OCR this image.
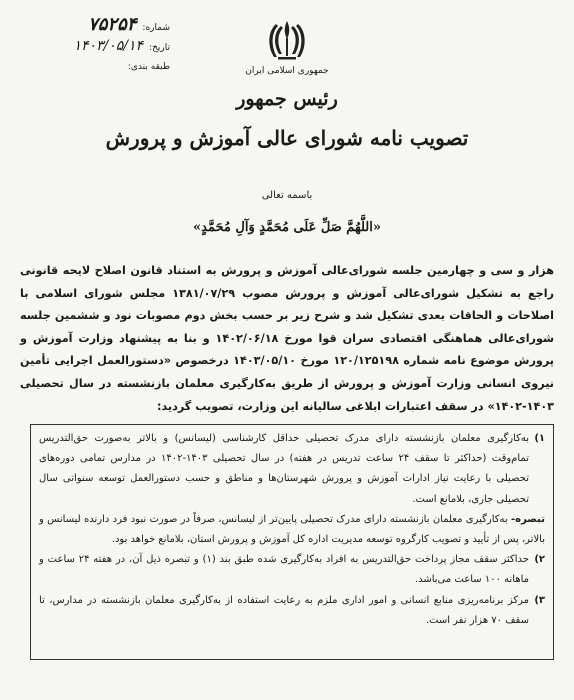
شماره:
۷۵۲۵۴
تاریخ:
۱۴۰۳/۰۵/۱۴
طبقه بندی:	جمهوری اسلامی ایران
رئیس جمهور
تصویب نامه شورای عالی آموزش و پرورش
باسمه تعالی
«اللَّهُمَّ صَلِّ عَلَى مُحَمَّدٍ وَآلِ مُحَمَّدٍ»
هزار و سی و چهارمین جلسه شورای‌عالی آموزش و پرورش به استناد قانون اصلاح لایحه قانونی راجع به تشکیل شورای‌عالی آموزش و پرورش مصوب ۱۳۸۱/۰۷/۲۹ مجلس شورای اسلامی با اصلاحات و الحاقات بعدی تشکیل شد و شرح زیر بر حسب بخش دوم مصوبات نود و ششمین جلسه شورای‌عالی هماهنگی اقتصادی سران قوا مورخ ۱۴۰۲/۰۶/۱۸ و بنا به پیشنهاد وزارت آموزش و پرورش موضوع نامه شماره ۱۲۰/۱۲۵۱۹۸ مورخ ۱۴۰۳/۰۵/۱۰ درخصوص «دستورالعمل اجرایی تأمین نیروی انسانی وزارت آموزش و پرورش از طریق به‌کارگیری معلمان بازنشسته در سال تحصیلی ۱۴۰۳-۱۴۰۲» در سقف اعتبارات ابلاغی سالیانه این وزارت، تصویب گردید:
۱)
به‌کارگیری معلمان بازنشسته دارای مدرک تحصیلی حداقل کارشناسی (لیسانس) و بالاتر به‌صورت حق‌التدریس تمام‌وقت (حداکثر تا سقف ۲۴ ساعت تدریس در هفته) در سال تحصیلی ۱۴۰۳-۱۴۰۲ در مدارس تمامی دوره‌های تحصیلی با رعایت نیاز ادارات آموزش و پرورش شهرستان‌ها و مناطق و حسب دستورالعمل توسعه سنواتی سال تحصیلی جاری، بلامانع است.
تبصره- به‌کارگیری معلمان بازنشسته دارای مدرک تحصیلی پایین‌تر از لیسانس، صرفاً در صورت نبود فرد دارنده لیسانس و بالاتر، پس از تأیید و تصویب کارگروه توسعه مدیریت اداره کل آموزش و پرورش استان، بلامانع خواهد بود.
۲)
حداکثر سقف مجاز پرداخت حق‌التدریس به افراد به‌کارگیری شده طبق بند (۱) و تبصره ذیل آن، در هفته ۲۴ ساعت و ماهانه ۱۰۰ ساعت می‌باشد.
۳)
مرکز برنامه‌ریزی منابع انسانی و امور اداری ملزم به رعایت استفاده از به‌کارگیری معلمان بازنشسته در مدارس، تا سقف ۷۰ هزار نفر است.
